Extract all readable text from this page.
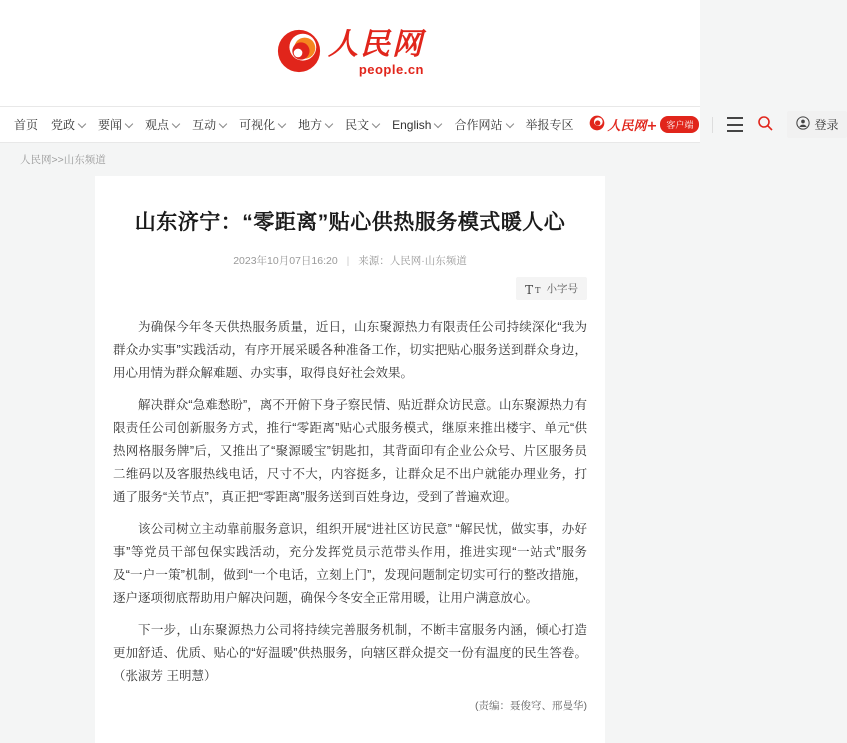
人民网
people.cn
首页 党政 要闻 观点 互动 可视化 地方 民文 English 合作网站 举报专区	人民网+	客户端	登录
人民网>>山东频道
山东济宁：“零距离”贴心供热服务模式暖人心
2023年10月07日16:20 | 来源：人民网·山东频道
T T 小字号

为确保今年冬天供热服务质量，近日，山东聚源热力有限责任公司持续深化“我为群众办实事”实践活动，有序开展采暖各种准备工作，切实把贴心服务送到群众身边，用心用情为群众解难题、办实事，取得良好社会效果。

解决群众“急难愁盼”，离不开俯下身子察民情、贴近群众访民意。山东聚源热力有限责任公司创新服务方式，推行“零距离”贴心式服务模式，继原来推出楼宇、单元“供热网格服务牌”后，又推出了“聚源暖宝”钥匙扣，其背面印有企业公众号、片区服务员二维码以及客服热线电话，尺寸不大，内容挺多，让群众足不出户就能办理业务，打通了服务“关节点”，真正把“零距离”服务送到百姓身边，受到了普遍欢迎。

该公司树立主动靠前服务意识，组织开展“进社区访民意” “解民忧，做实事，办好事”等党员干部包保实践活动，充分发挥党员示范带头作用，推进实现“一站式”服务及“一户一策”机制，做到“一个电话，立刻上门”，发现问题制定切实可行的整改措施，逐户逐项彻底帮助用户解决问题，确保今冬安全正常用暖，让用户满意放心。

下一步，山东聚源热力公司将持续完善服务机制，不断丰富服务内涵，倾心打造更加舒适、优质、贴心的“好温暖”供热服务，向辖区群众提交一份有温度的民生答卷。（张淑芳 王明慧）

(责编：聂俊穹、邢曼华)
